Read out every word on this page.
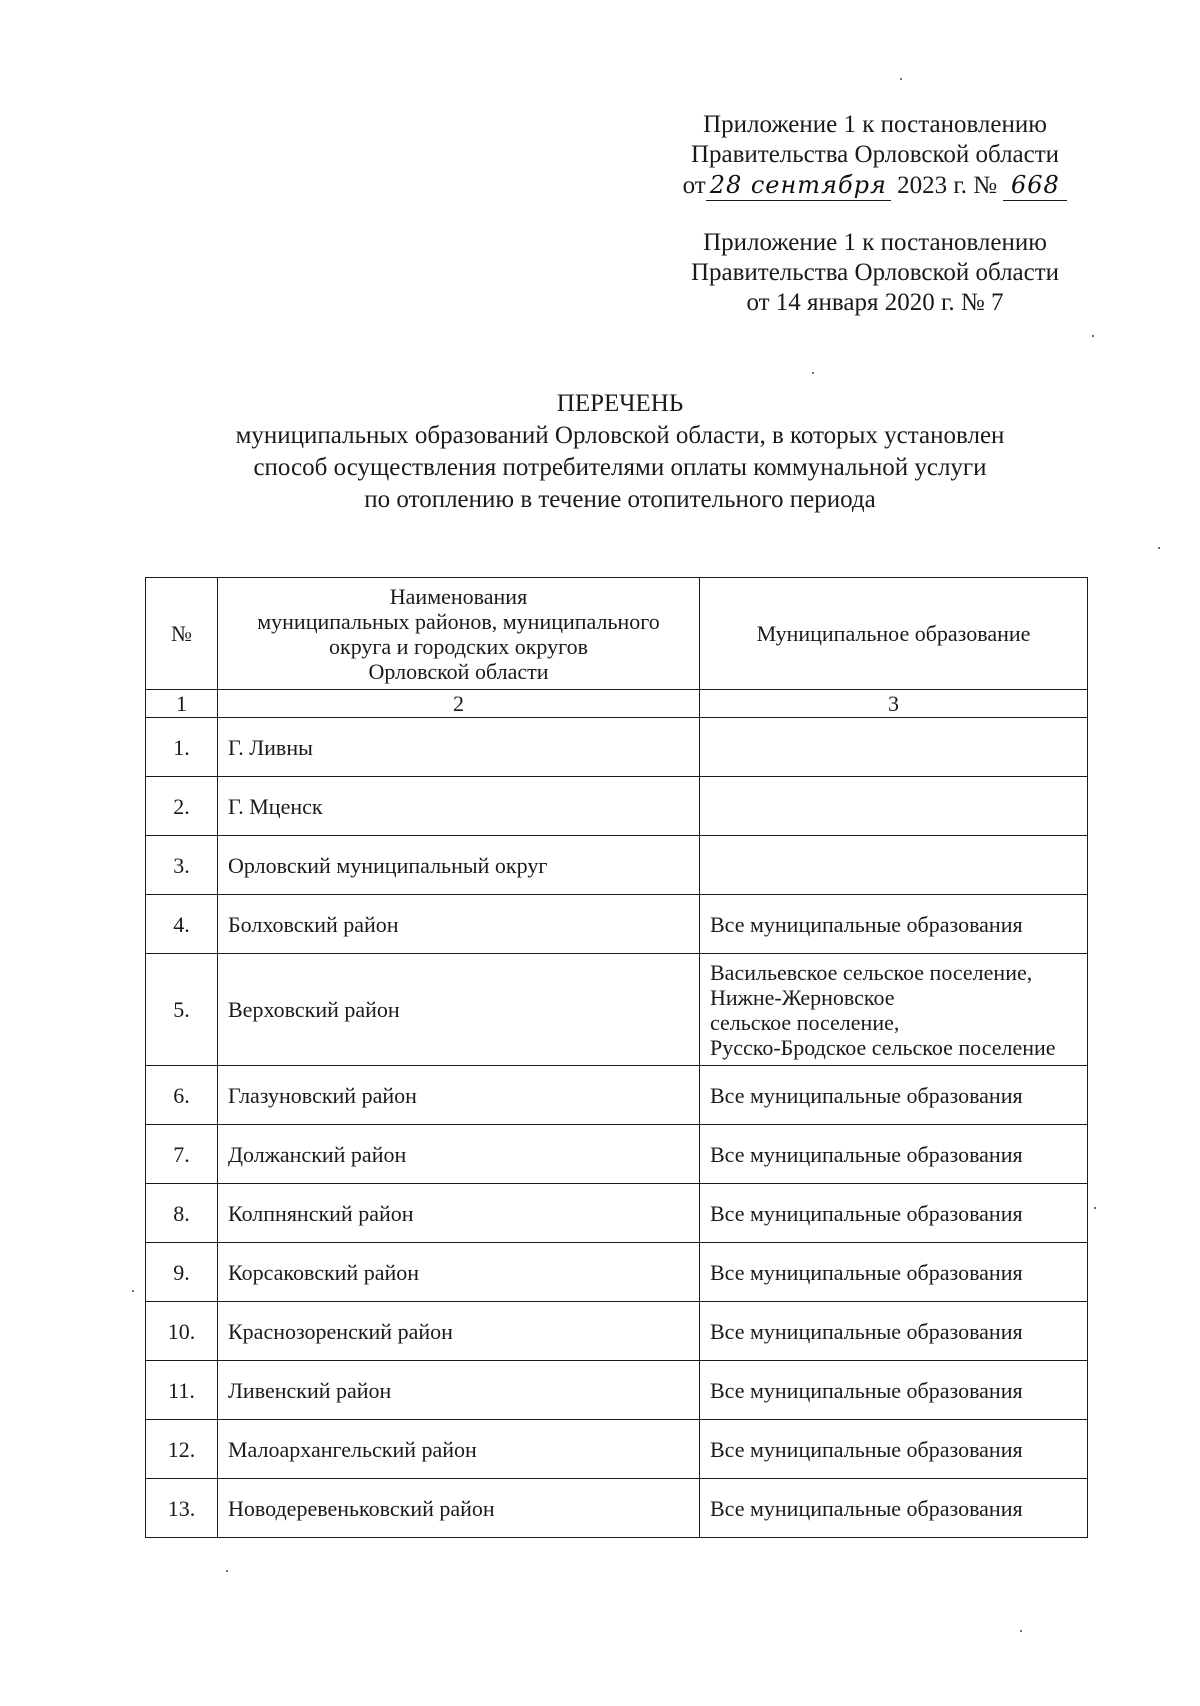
Приложение 1 к постановлению

Правительства Орловской области

от 28 сентября 2023 г. № 668

Приложение 1 к постановлению

Правительства Орловской области

от 14 января 2020 г. № 7

ПЕРЕЧЕНЬ

муниципальных образований Орловской области, в которых установлен

способ осуществления потребителями оплаты коммунальной услуги

по отоплению в течение отопительного периода

№	Наименования
муниципальных районов, муниципального
округа и городских округов
Орловской области	Муниципальное образование
1	2	3
1.	Г. Ливны	
2.	Г. Мценск	
3.	Орловский муниципальный округ	
4.	Болховский район	Все муниципальные образования
5.	Верховский район	Васильевское сельское поселение,
Нижне-Жерновское
сельское поселение,
Русско-Бродское сельское поселение

6.	Глазуновский район	Все муниципальные образования
7.	Должанский район	Все муниципальные образования
8.	Колпнянский район	Все муниципальные образования
9.	Корсаковский район	Все муниципальные образования
10.	Краснозоренский район	Все муниципальные образования
11.	Ливенский район	Все муниципальные образования
12.	Малоархангельский район	Все муниципальные образования
13.	Новодеревеньковский район	Все муниципальные образования
